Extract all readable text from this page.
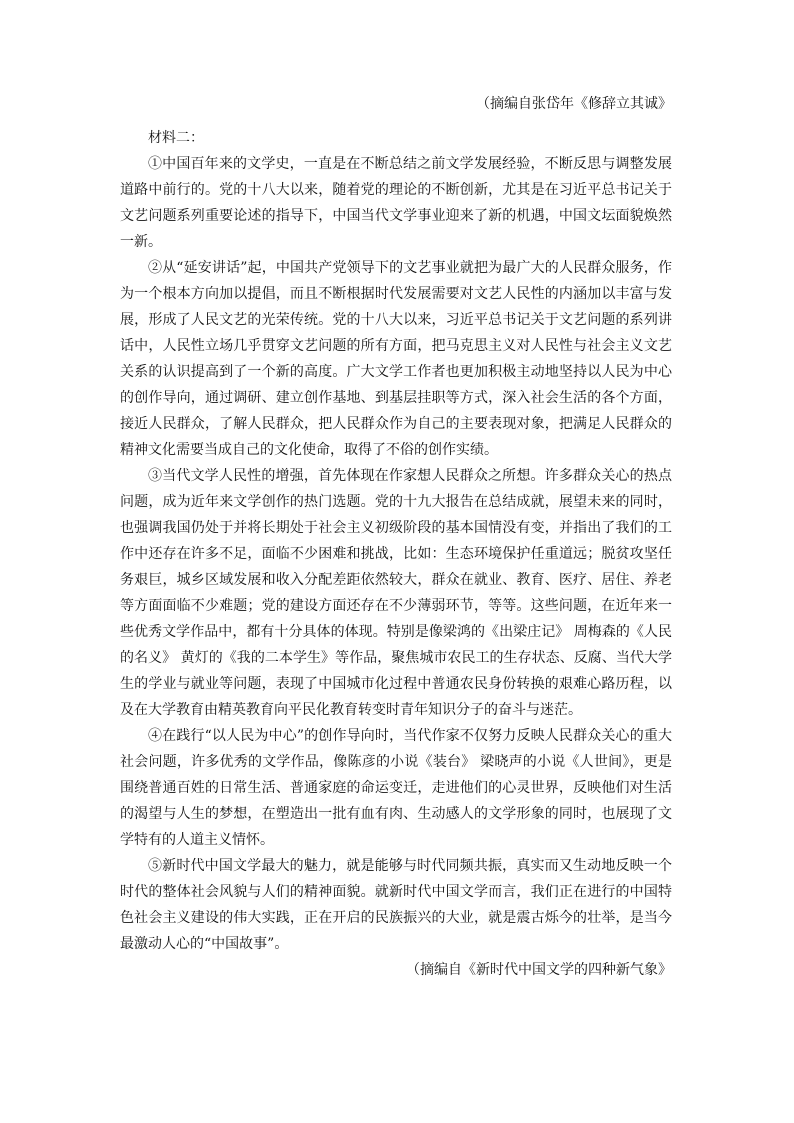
（摘编自张岱年《修辞立其诚》

材料二：

①中国百年来的文学史，一直是在不断总结之前文学发展经验，不断反思与调整发展道路中前行的。党的十八大以来，随着党的理论的不断创新，尤其是在习近平总书记关于文艺问题系列重要论述的指导下，中国当代文学事业迎来了新的机遇，中国文坛面貌焕然一新。

②从“延安讲话”起，中国共产党领导下的文艺事业就把为最广大的人民群众服务，作为一个根本方向加以提倡，而且不断根据时代发展需要对文艺人民性的内涵加以丰富与发展，形成了人民文艺的光荣传统。党的十八大以来，习近平总书记关于文艺问题的系列讲话中，人民性立场几乎贯穿文艺问题的所有方面，把马克思主义对人民性与社会主义文艺关系的认识提高到了一个新的高度。广大文学工作者也更加积极主动地坚持以人民为中心的创作导向，通过调研、建立创作基地、到基层挂职等方式，深入社会生活的各个方面，接近人民群众，了解人民群众，把人民群众作为自己的主要表现对象，把满足人民群众的精神文化需要当成自己的文化使命，取得了不俗的创作实绩。

③当代文学人民性的增强，首先体现在作家想人民群众之所想。许多群众关心的热点问题，成为近年来文学创作的热门选题。党的十九大报告在总结成就，展望未来的同时，也强调我国仍处于并将长期处于社会主义初级阶段的基本国情没有变，并指出了我们的工作中还存在许多不足，面临不少困难和挑战，比如：生态环境保护任重道远；脱贫攻坚任务艰巨，城乡区域发展和收入分配差距依然较大，群众在就业、教育、医疗、居住、养老等方面面临不少难题；党的建设方面还存在不少薄弱环节，等等。这些问题，在近年来一些优秀文学作品中，都有十分具体的体现。特别是像梁鸿的《出梁庄记》 周梅森的《人民的名义》 黄灯的《我的二本学生》等作品，聚焦城市农民工的生存状态、反腐、当代大学生的学业与就业等问题，表现了中国城市化过程中普通农民身份转换的艰难心路历程，以及在大学教育由精英教育向平民化教育转变时青年知识分子的奋斗与迷茫。

④在践行“以人民为中心”的创作导向时，当代作家不仅努力反映人民群众关心的重大社会问题，许多优秀的文学作品，像陈彦的小说《装台》 梁晓声的小说《人世间》，更是围绕普通百姓的日常生活、普通家庭的命运变迁，走进他们的心灵世界，反映他们对生活的渴望与人生的梦想，在塑造出一批有血有肉、生动感人的文学形象的同时，也展现了文学特有的人道主义情怀。

⑤新时代中国文学最大的魅力，就是能够与时代同频共振，真实而又生动地反映一个时代的整体社会风貌与人们的精神面貌。就新时代中国文学而言，我们正在进行的中国特色社会主义建设的伟大实践，正在开启的民族振兴的大业，就是震古烁今的壮举，是当今最激动人心的“中国故事”。

（摘编自《新时代中国文学的四种新气象》
